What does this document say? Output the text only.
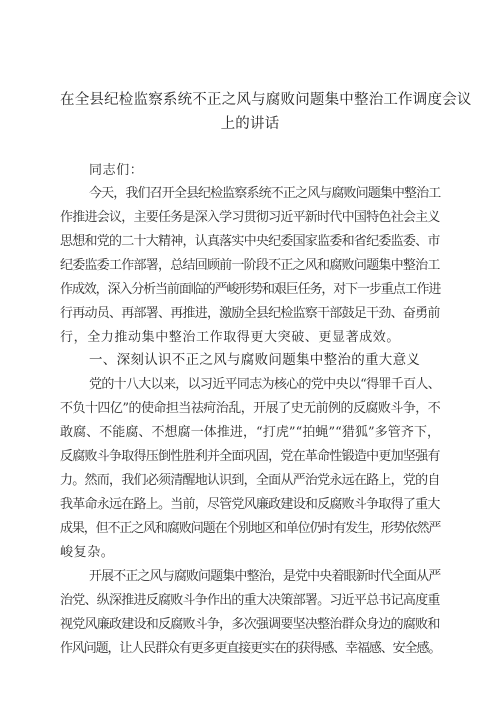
在全县纪检监察系统不正之风与腐败问题集中整治工作调度会议
上的讲话
同志们：
今天，我们召开全县纪检监察系统不正之风与腐败问题集中整治工
作推进会议，主要任务是深入学习贯彻习近平新时代中国特色社会主义
思想和党的二十大精神，认真落实中央纪委国家监委和省纪委监委、市
纪委监委工作部署，总结回顾前一阶段不正之风和腐败问题集中整治工
作成效，深入分析当前面临的严峻形势和艰巨任务，对下一步重点工作进
行再动员、再部署、再推进，激励全县纪检监察干部鼓足干劲、奋勇前
行，全力推动集中整治工作取得更大突破、更显著成效。
一、深刻认识不正之风与腐败问题集中整治的重大意义
党的十八大以来，以习近平同志为核心的党中央以“得罪千百人、
不负十四亿”的使命担当祛疴治乱，开展了史无前例的反腐败斗争，不
敢腐、不能腐、不想腐一体推进，“打虎”“拍蝇”“猎狐”多管齐下，
反腐败斗争取得压倒性胜利并全面巩固，党在革命性锻造中更加坚强有
力。然而，我们必须清醒地认识到，全面从严治党永远在路上，党的自
我革命永远在路上。当前，尽管党风廉政建设和反腐败斗争取得了重大
成果，但不正之风和腐败问题在个别地区和单位仍时有发生，形势依然严
峻复杂。
开展不正之风与腐败问题集中整治，是党中央着眼新时代全面从严
治党、纵深推进反腐败斗争作出的重大决策部署。习近平总书记高度重
视党风廉政建设和反腐败斗争，多次强调要坚决整治群众身边的腐败和
作风问题，让人民群众有更多更直接更实在的获得感、幸福感、安全感。
